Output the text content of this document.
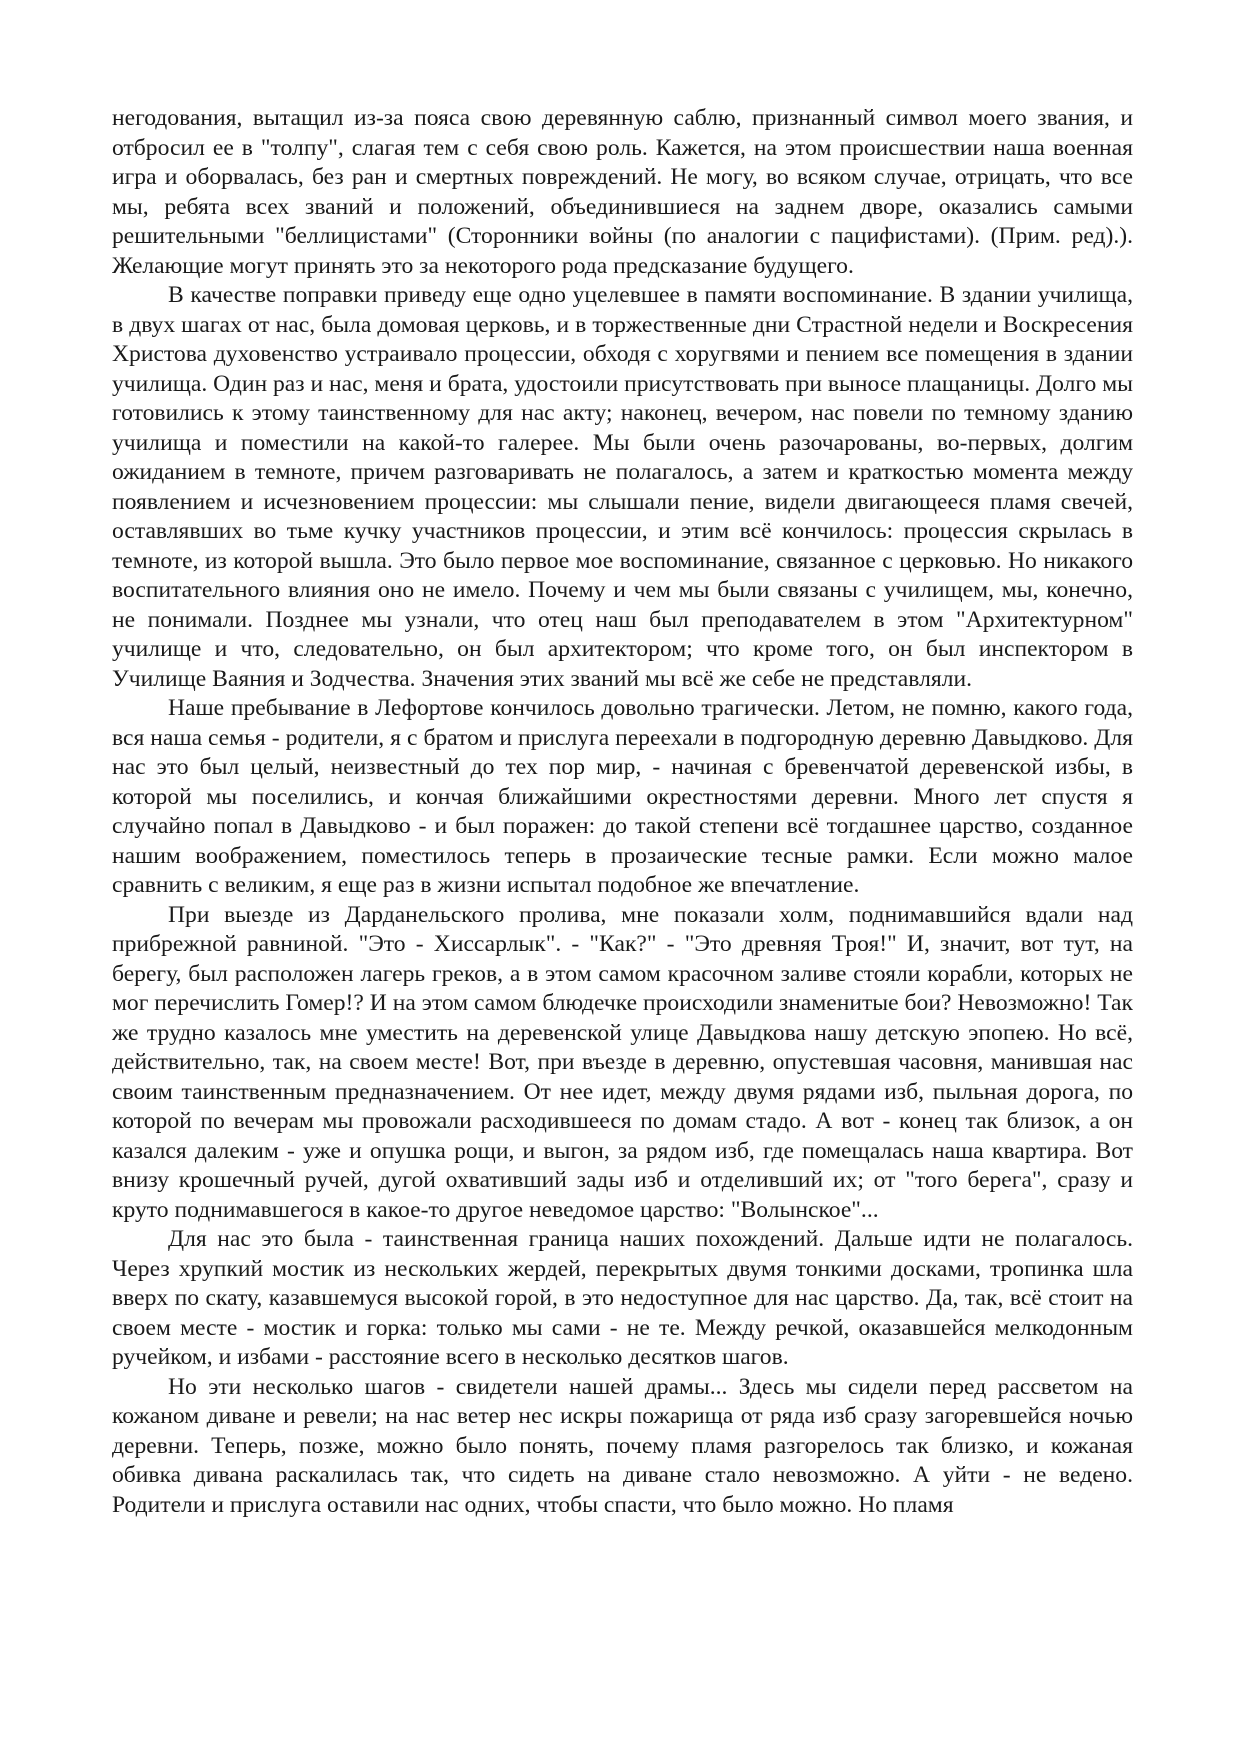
негодования, вытащил из-за пояса свою деревянную саблю, признанный символ моего звания, и отбросил ее в "толпу", слагая тем с себя свою роль. Кажется, на этом происшествии наша военная игра и оборвалась, без ран и смертных повреждений. Не могу, во всяком случае, отрицать, что все мы, ребята всех званий и положений, объединившиеся на заднем дворе, оказались самыми решительными "беллицистами" (Сторонники войны (по аналогии с пацифистами). (Прим. ред).). Желающие могут принять это за некоторого рода предсказание будущего.

В качестве поправки приведу еще одно уцелевшее в памяти воспоминание. В здании училища, в двух шагах от нас, была домовая церковь, и в торжественные дни Страстной недели и Воскресения Христова духовенство устраивало процессии, обходя с хоругвями и пением все помещения в здании училища. Один раз и нас, меня и брата, удостоили присутствовать при выносе плащаницы. Долго мы готовились к этому таинственному для нас акту; наконец, вечером, нас повели по темному зданию училища и поместили на какой-то галерее. Мы были очень разочарованы, во-первых, долгим ожиданием в темноте, причем разговаривать не полагалось, а затем и краткостью момента между появлением и исчезновением процессии: мы слышали пение, видели двигающееся пламя свечей, оставлявших во тьме кучку участников процессии, и этим всё кончилось: процессия скрылась в темноте, из которой вышла. Это было первое мое воспоминание, связанное с церковью. Но никакого воспитательного влияния оно не имело. Почему и чем мы были связаны с училищем, мы, конечно, не понимали. Позднее мы узнали, что отец наш был преподавателем в этом "Архитектурном" училище и что, следовательно, он был архитектором; что кроме того, он был инспектором в Училище Ваяния и Зодчества. Значения этих званий мы всё же себе не представляли.

Наше пребывание в Лефортове кончилось довольно трагически. Летом, не помню, какого года, вся наша семья - родители, я с братом и прислуга переехали в подгородную деревню Давыдково. Для нас это был целый, неизвестный до тех пор мир, - начиная с бревенчатой деревенской избы, в которой мы поселились, и кончая ближайшими окрестностями деревни. Много лет спустя я случайно попал в Давыдково - и был поражен: до такой степени всё тогдашнее царство, созданное нашим воображением, поместилось теперь в прозаические тесные рамки. Если можно малое сравнить с великим, я еще раз в жизни испытал подобное же впечатление.

При выезде из Дарданельского пролива, мне показали холм, поднимавшийся вдали над прибрежной равниной. "Это - Хиссарлык". - "Как?" - "Это древняя Троя!" И, значит, вот тут, на берегу, был расположен лагерь греков, а в этом самом красочном заливе стояли корабли, которых не мог перечислить Гомер!? И на этом самом блюдечке происходили знаменитые бои? Невозможно! Так же трудно казалось мне уместить на деревенской улице Давыдкова нашу детскую эпопею. Но всё, действительно, так, на своем месте! Вот, при въезде в деревню, опустевшая часовня, манившая нас своим таинственным предназначением. От нее идет, между двумя рядами изб, пыльная дорога, по которой по вечерам мы провожали расходившееся по домам стадо. А вот - конец так близок, а он казался далеким - уже и опушка рощи, и выгон, за рядом изб, где помещалась наша квартира. Вот внизу крошечный ручей, дугой охвативший зады изб и отделивший их; от "того берега", сразу и круто поднимавшегося в какое-то другое неведомое царство: "Волынское"...

Для нас это была - таинственная граница наших похождений. Дальше идти не полагалось. Через хрупкий мостик из нескольких жердей, перекрытых двумя тонкими досками, тропинка шла вверх по скату, казавшемуся высокой горой, в это недоступное для нас царство. Да, так, всё стоит на своем месте - мостик и горка: только мы сами - не те. Между речкой, оказавшейся мелкодонным ручейком, и избами - расстояние всего в несколько десятков шагов.

Но эти несколько шагов - свидетели нашей драмы... Здесь мы сидели перед рассветом на кожаном диване и ревели; на нас ветер нес искры пожарища от ряда изб сразу загоревшейся ночью деревни. Теперь, позже, можно было понять, почему пламя разгорелось так близко, и кожаная обивка дивана раскалилась так, что сидеть на диване стало невозможно. А уйти - не ведено. Родители и прислуга оставили нас одних, чтобы спасти, что было можно. Но пламя
